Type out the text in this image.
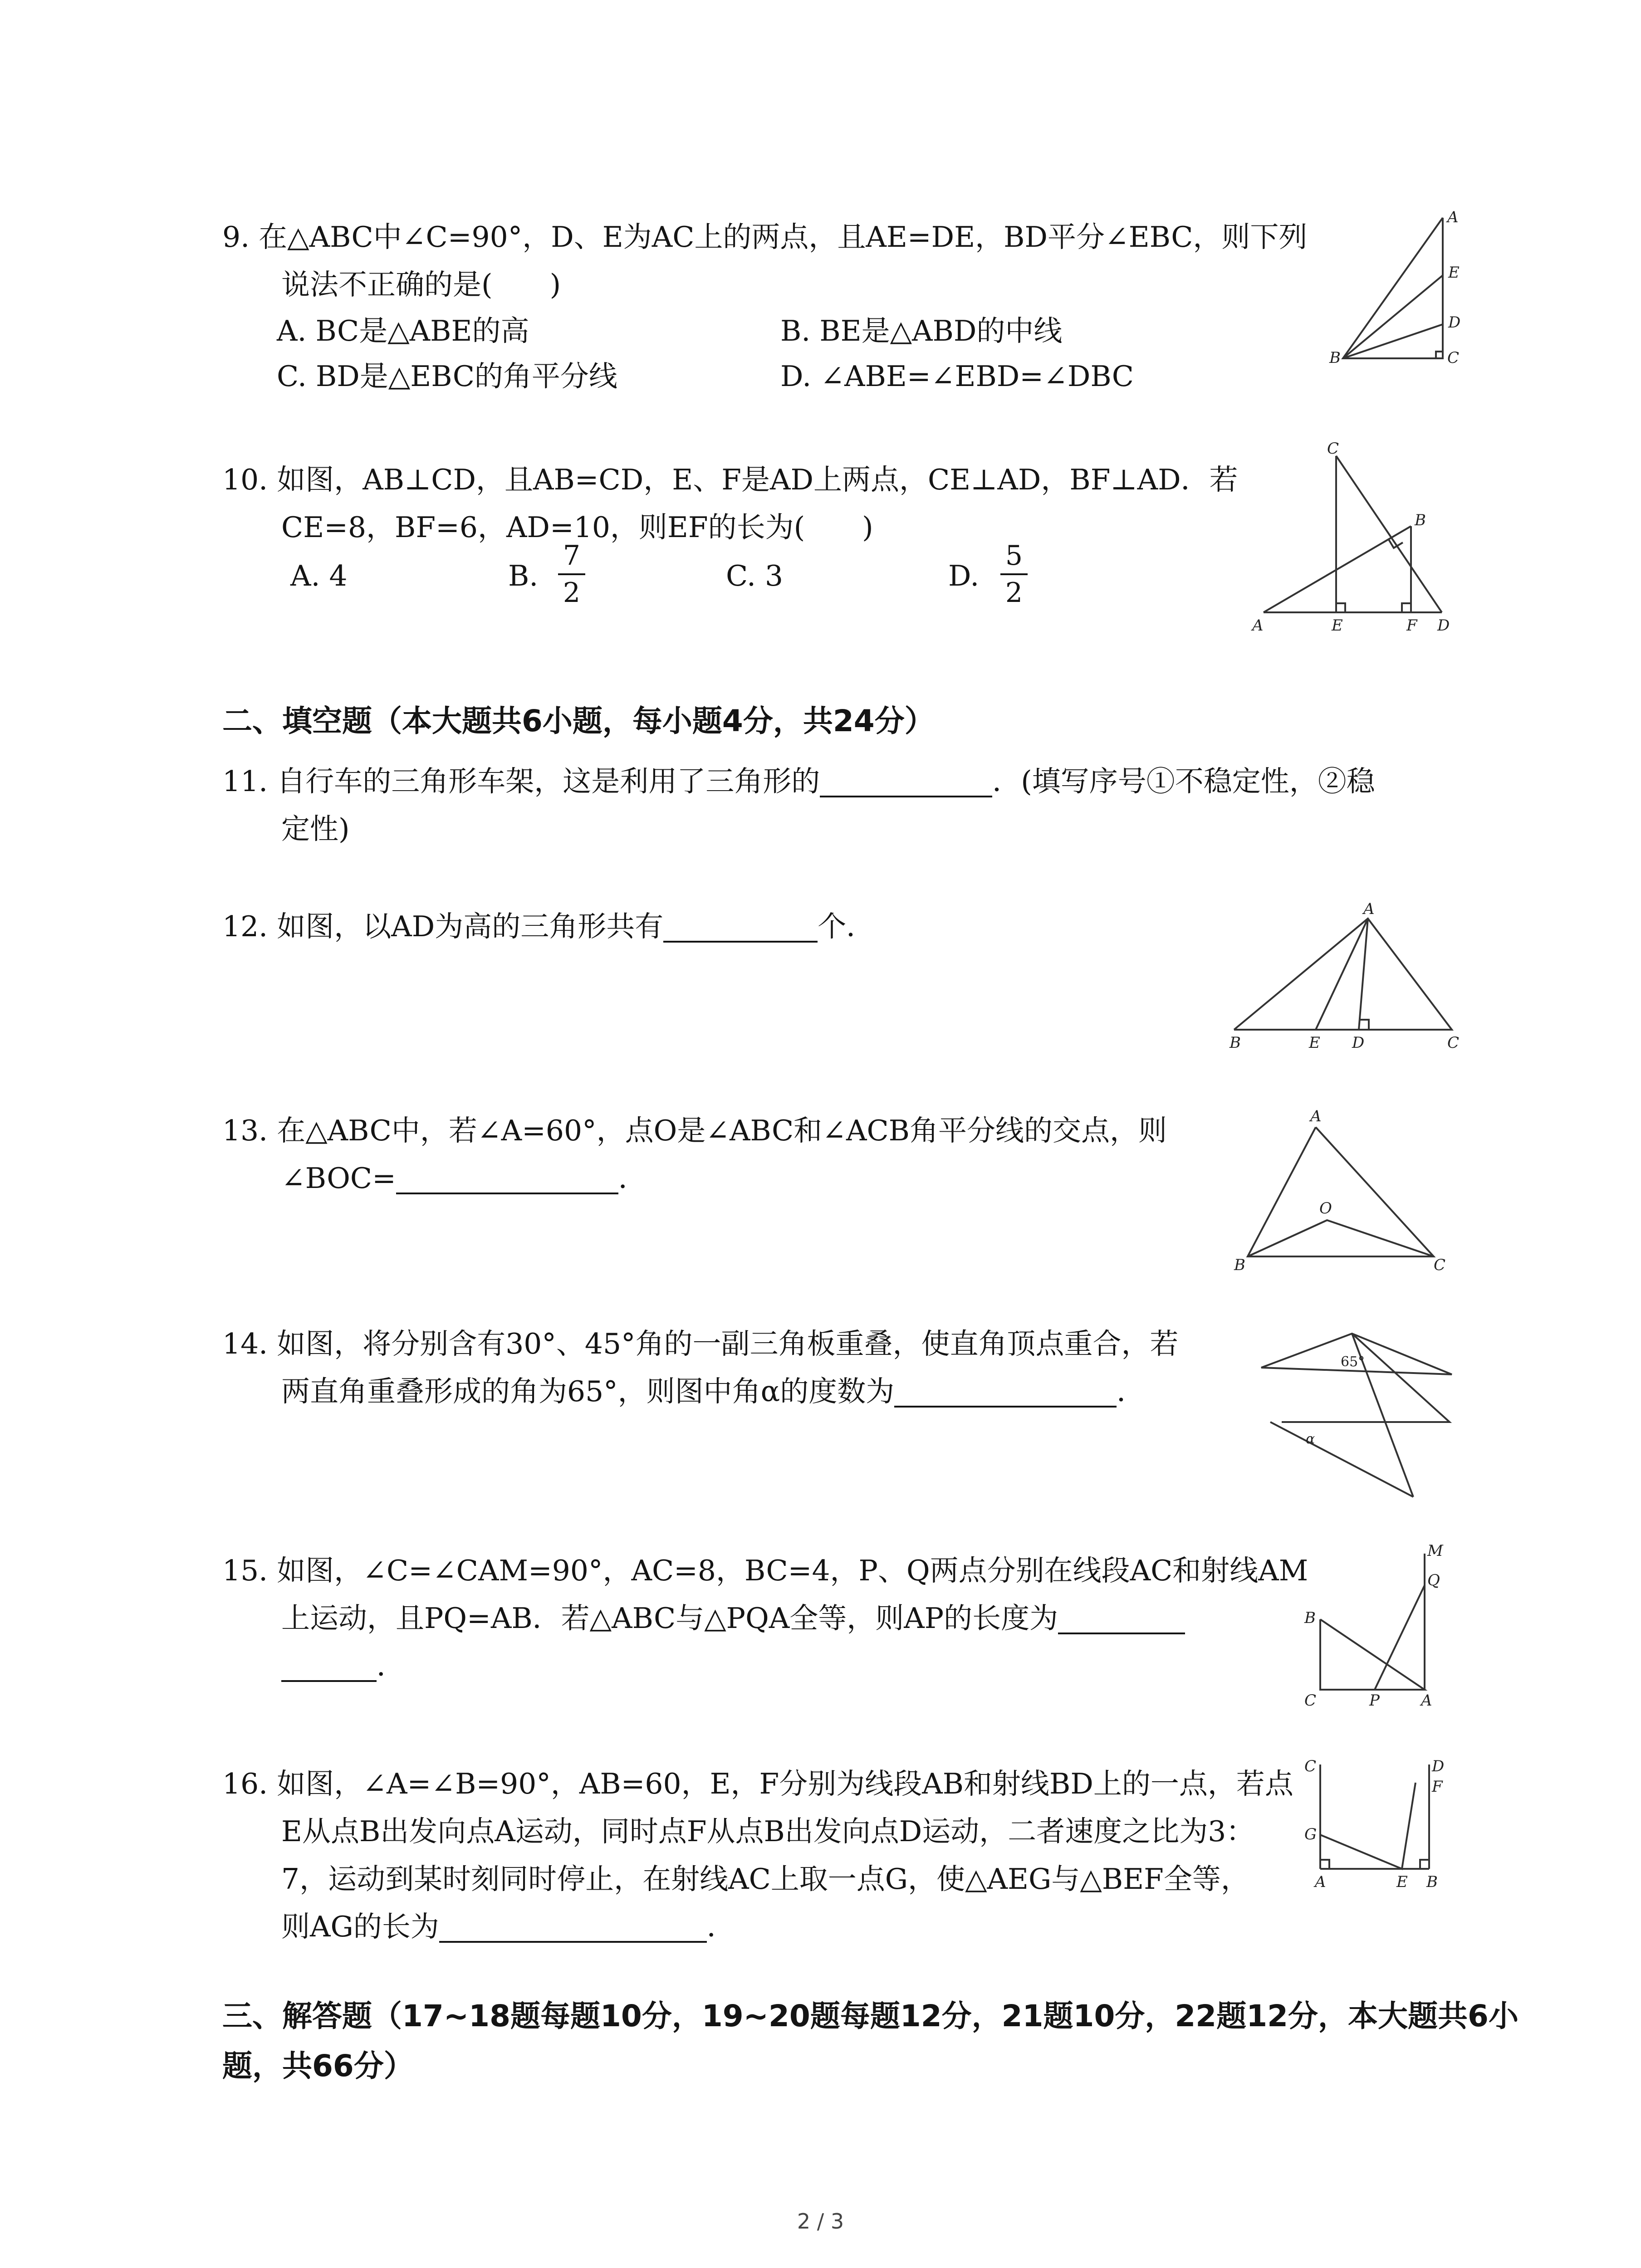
9. 在△ABC中∠C=90°，D、E为AC上的两点，且AE=DE，BD平分∠EBC，则下列
说法不正确的是(　　)
A. BC是△ABE的高	B. BE是△ABD的中线
C. BD是△EBC的角平分线	D. ∠ABE=∠EBD=∠DBC
A
E
D
B	C
10. 如图，AB⊥CD，且AB=CD，E、F是AD上两点，CE⊥AD，BF⊥AD．若
CE=8，BF=6，AD=10，则EF的长为(　　)
A. 4	B.
7
2
C. 3	D.
5
2
C
B
A	E	F D
二、填空题（本大题共6小题，每小题4分，共24分）
11. 自行车的三角形车架，这是利用了三角形的	．(填写序号①不稳定性，②稳
定性)
12. 如图，以AD为高的三角形共有	个．
A
B	E D	C
13. 在△ABC中，若∠A=60°，点O是∠ABC和∠ACB角平分线的交点，则
∠BOC=	．
A
O
B	C
14. 如图，将分别含有30°、45°角的一副三角板重叠，使直角顶点重合，若
两直角重叠形成的角为65°，则图中角α的度数为	．
65°
α
15. 如图，∠C=∠CAM=90°，AC=8，BC=4，P、Q两点分别在线段AC和射线AM
上运动，且PQ=AB．若△ABC与△PQA全等，则AP的长度为
．
M
Q
B
C	P	A
16. 如图，∠A=∠B=90°，AB=60，E，F分别为线段AB和射线BD上的一点，若点
E从点B出发向点A运动，同时点F从点B出发向点D运动，二者速度之比为3：
7，运动到某时刻同时停止，在射线AC上取一点G，使△AEG与△BEF全等，
则AG的长为	．
C	D
F
G
A	E B
三、解答题（17~18题每题10分，19~20题每题12分，21题10分，22题12分，本大题共6小
题，共66分）
2 / 3
